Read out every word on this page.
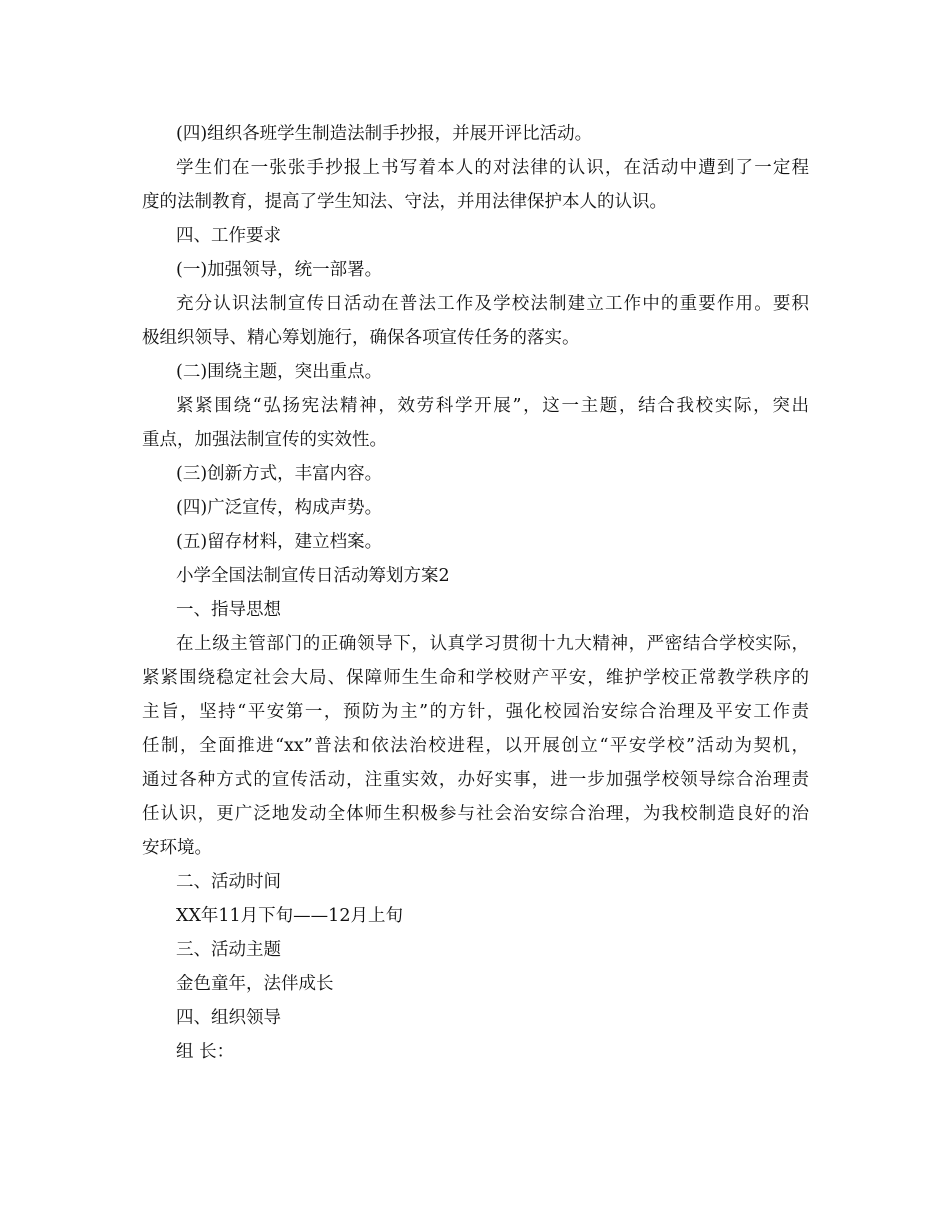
(四)组织各班学生制造法制手抄报，并展开评比活动。
学生们在一张张手抄报上书写着本人的对法律的认识，在活动中遭到了一定程
度的法制教育，提高了学生知法、守法，并用法律保护本人的认识。
四、工作要求
(一)加强领导，统一部署。
充分认识法制宣传日活动在普法工作及学校法制建立工作中的重要作用。要积
极组织领导、精心筹划施行，确保各项宣传任务的落实。
(二)围绕主题，突出重点。
紧紧围绕“弘扬宪法精神，效劳科学开展”，这一主题，结合我校实际，突出
重点，加强法制宣传的实效性。
(三)创新方式，丰富内容。
(四)广泛宣传，构成声势。
(五)留存材料，建立档案。
小学全国法制宣传日活动筹划方案2
一、指导思想
在上级主管部门的正确领导下，认真学习贯彻十九大精神，严密结合学校实际，
紧紧围绕稳定社会大局、保障师生生命和学校财产平安，维护学校正常教学秩序的
主旨，坚持“平安第一，预防为主”的方针，强化校园治安综合治理及平安工作责
任制，全面推进“xx”普法和依法治校进程，以开展创立“平安学校”活动为契机，
通过各种方式的宣传活动，注重实效，办好实事，进一步加强学校领导综合治理责
任认识，更广泛地发动全体师生积极参与社会治安综合治理，为我校制造良好的治
安环境。
二、活动时间
XX年11月下旬——12月上旬
三、活动主题
金色童年，法伴成长
四、组织领导
组 长：
